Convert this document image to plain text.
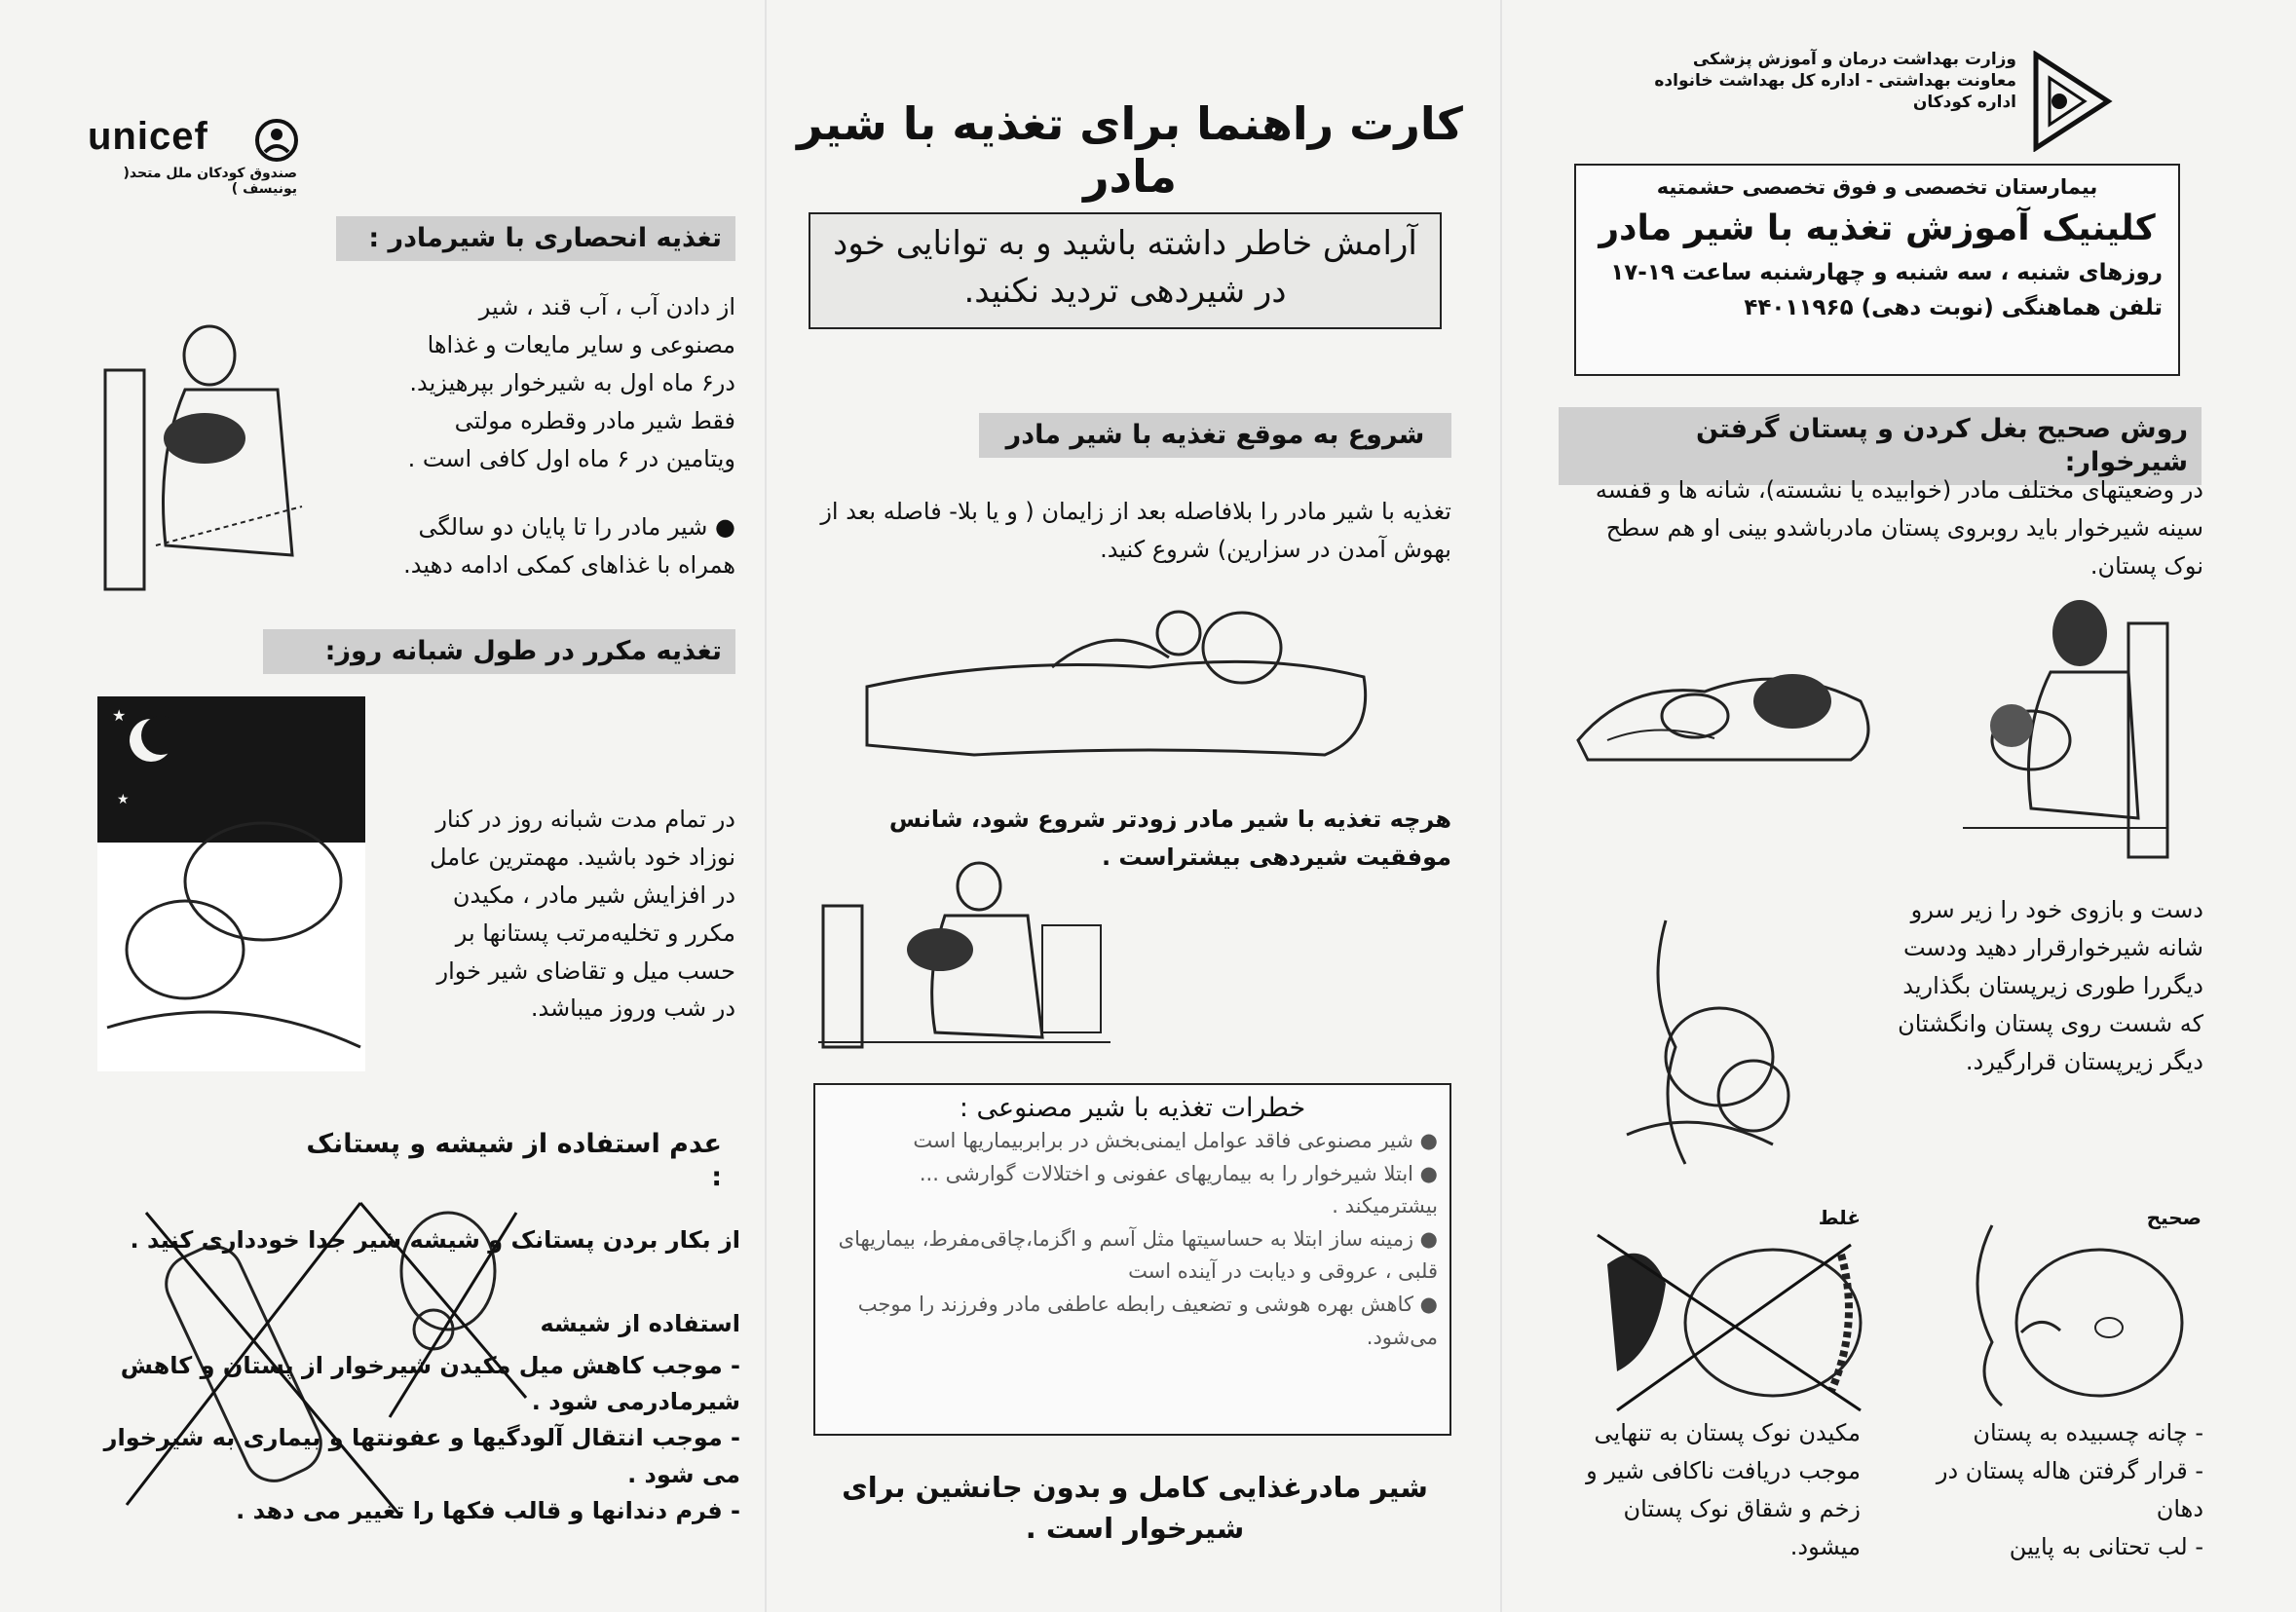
وزارت بهداشت درمان و آموزش پزشکی
معاونت بهداشتی - اداره کل بهداشت خانواده
اداره کودکان
بیمارستان تخصصی و فوق تخصصی حشمتیه
کلینیک آموزش تغذیه با شیر مادر
روزهای شنبه ، سه شنبه و چهارشنبه ساعت ۱۹-۱۷
تلفن هماهنگی (نوبت دهی) ۴۴۰۱۱۹۶۵
روش صحیح بغل کردن و پستان گرفتن شیرخوار:
در وضعیتهای مختلف مادر (خوابیده یا نشسته)، شانه ها و قفسه سینه شیرخوار باید روبروی پستان مادرباشدو بینی او هم سطح نوک پستان.
دست و بازوی خود را زیر سرو شانه شیرخوارقرار دهید ودست دیگررا طوری زیرپستان بگذارید که شست روی پستان وانگشتان دیگر زیرپستان قرارگیرد.
صحیح
غلط
مکیدن نوک پستان به تنهایی موجب دریافت ناکافی شیر و زخم و شقاق نوک پستان میشود.
- چانه چسبیده به پستان
- قرار گرفتن هاله پستان در دهان
- لب تحتانی به پایین
کارت راهنما برای تغذیه با شیر مادر
آرامش خاطر داشته باشید و به توانایی خود در شیردهی تردید نکنید.
شروع به موقع تغذیه با شیر مادر
تغذیه با شیر مادر را بلافاصله بعد از زایمان ( و یا بلا- فاصله بعد از بهوش آمدن در سزارین) شروع کنید.
هرچه تغذیه با شیر مادر زودتر شروع شود، شانس موفقیت شیردهی بیشتراست .
خطرات تغذیه با شیر مصنوعی :
● شیر مصنوعی فاقد عوامل ایمنی‌بخش در برابربیماریها است
● ابتلا شیرخوار را به بیماریهای عفونی و اختلالات گوارشی ... بیشترمیکند .
● زمینه ساز ابتلا به حساسیتها مثل آسم و اگزما،چاقی‌مفرط، بیماریهای قلبی ، عروقی و دیابت در آینده است
● کاهش بهره هوشی و تضعیف رابطه عاطفی مادر وفرزند را موجب می‌شود.
شیر مادرغذایی کامل و بدون جانشین برای شیرخوار است .
unicef
صندوق کودکان ملل متحد( یونیسف )
تغذیه انحصاری با شیرمادر :
از دادن آب ، آب قند ، شیر مصنوعی و سایر مایعات و غذاها در۶ ماه اول به شیرخوار بپرهیزید. فقط شیر مادر وقطره مولتی ویتامین در ۶ ماه اول کافی است .
● شیر مادر را تا پایان دو سالگی همراه با غذاهای کمکی ادامه دهید.
تغذیه مکرر در طول شبانه روز:
★
★
در تمام مدت شبانه روز در کنار نوزاد خود باشید. مهمترین عامل در افزایش شیر مادر ، مکیدن مکرر و تخلیه‌مرتب پستانها بر حسب میل و تقاضای شیر خوار در شب وروز میباشد.
عدم استفاده از شیشه و پستانک :
از بکار بردن پستانک و شیشه شیر جدا خودداری کنید .
استفاده از شیشه
- موجب کاهش میل مکیدن شیرخوار از پستان و کاهش شیرمادرمی شود .
- موجب انتقال آلودگیها و عفونتها و بیماری به شیرخوار می شود .
- فرم دندانها و قالب فکها را تغییر می دهد .
